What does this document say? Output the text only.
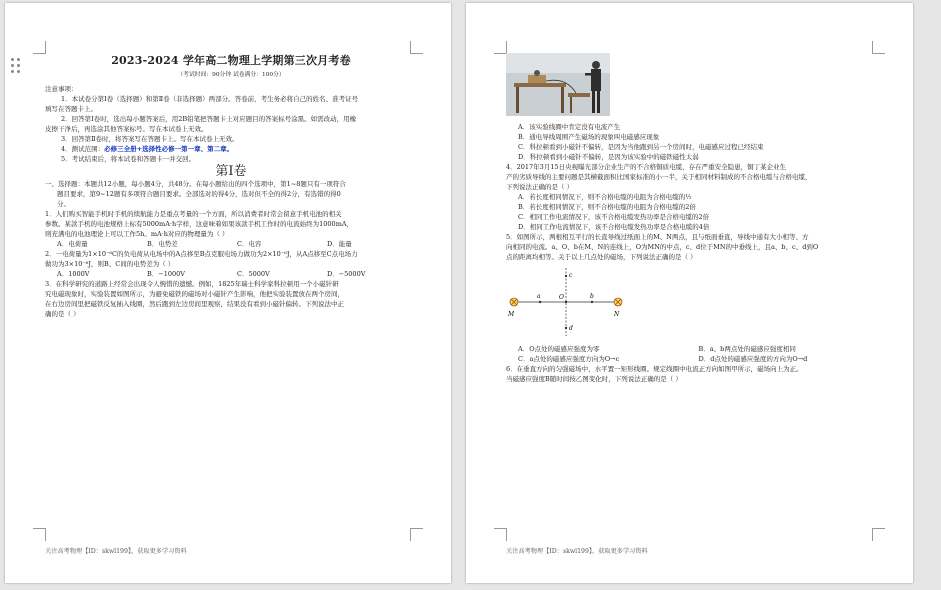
2023-2024 学年高二物理上学期第三次月考卷
（考试时间：90分钟 试卷满分：100分）
注意事项：
1．本试卷分第Ⅰ卷（选择题）和第Ⅱ卷（非选择题）两部分。答卷前，考生务必将自己的姓名、准考证号
填写在答题卡上。
2．回答第Ⅰ卷时，选出每小题答案后，用2B铅笔把答题卡上对应题目的答案标号涂黑。如需改动，用橡
皮擦干净后，再选涂其他答案标号。写在本试卷上无效。
3．回答第Ⅱ卷时，将答案写在答题卡上。写在本试卷上无效。
4．测试范围：必修三全册+选择性必修一第一章、第二章。
5．考试结束后，将本试卷和答题卡一并交回。
第Ⅰ卷
一、选择题：本题共12小题，每小题4分，共48分。在每小题给出的四个选项中，第1~8题只有一项符合
题目要求，第9~12题有多项符合题目要求。全部选对的得4分，选对但不全的得2分，有选错的得0
分。
1．人们购买智能手机时手机的续航能力是重点考量的一个方面，所以消费者时常会留意手机电池的相关
参数。某款手机的电池规格上标有5000mA·h字样，这意味着如果该款手机工作时的电流始终为1000mA，
则充满电的电池理论上可以工作5h。mA·h对应的物理量为（ ）
A．电荷量	B．电势差	C．电容	D．能量
2．一电荷量为1×10⁻⁶C的负电荷从电场中的A点移至B点克服电场力做功为2×10⁻⁶J，从A点移至C点电场力
做功为3×10⁻⁶J，则B、C间的电势差为（ ）
A．1000V	B．−1000V	C．5000V	D．−5000V
3．在科学研究的道路上经常会出现令人惋惜的遗憾。例如，1825年瑞士科学家科拉顿用一个小磁针研
究电磁现象时，实验装置如图所示，为避免磁铁的磁场对小磁针产生影响，他把实验装置放在两个房间，
在右边房间里把磁铁反复插入线圈，然后跑到左边房间里观察，结果没有看到小磁针偏转。下列说法中正
确的是（ ）
关注高考物理【ID：skwl199】，获取更多学习资料
A．该实验线圈中肯定没有电流产生
B．通电导线周围产生磁场的现象叫电磁感应现象
C．科拉顿看到小磁针不偏转，是因为当他跑到另一个房间时，电磁感应过程已经结束
D．科拉顿看到小磁针不偏转，是因为该实验中的磁铁磁性太弱
4．2017年3月15日央视曝光部分企业生产的不合格铜质电缆，存在严重安全隐患，铜丁某企业生
产的劣质导线的主要问题是其横截面积比国家标准的小一半，关于相同材料制成的不合格电缆与合格电缆，
下列说法正确的是（ ）
A．若长度相同情况下，则不合格电缆的电阻为合格电缆的½
B．若长度相同情况下，则不合格电缆的电阻为合格电缆的2倍
C．相同工作电流情况下，该不合格电缆发热功率是合格电缆的2倍
D．相同工作电流情况下，该不合格电缆发热功率是合格电缆的4倍
5．如图所示，两根相互平行的长直导线过纸面上的M、N两点，且与纸面垂直，导线中通有大小相等、方
向相同的电流。a、O、b在M、N的连线上，O为MN的中点，c、d位于MN的中垂线上，且a、b、c、d到O
点的距离均相等。关于以上几点处的磁场，下列说法正确的是（ ）
M	N
a	O	b
c
d
A．O点处的磁感应强度为零	B．a、b两点处的磁感应强度相同
C．a点处的磁感应强度方向为O→c	D．d点处的磁感应强度的方向为O→d
6．在垂直方向的匀强磁场中，水平置一矩形线圈。规定线圈中电流正方向如图甲所示，磁场向上为正。
当磁感应强度B随时间按乙图变化时，下列说法正确的是（ ）
关注高考物理【ID：skwl199】，获取更多学习资料
